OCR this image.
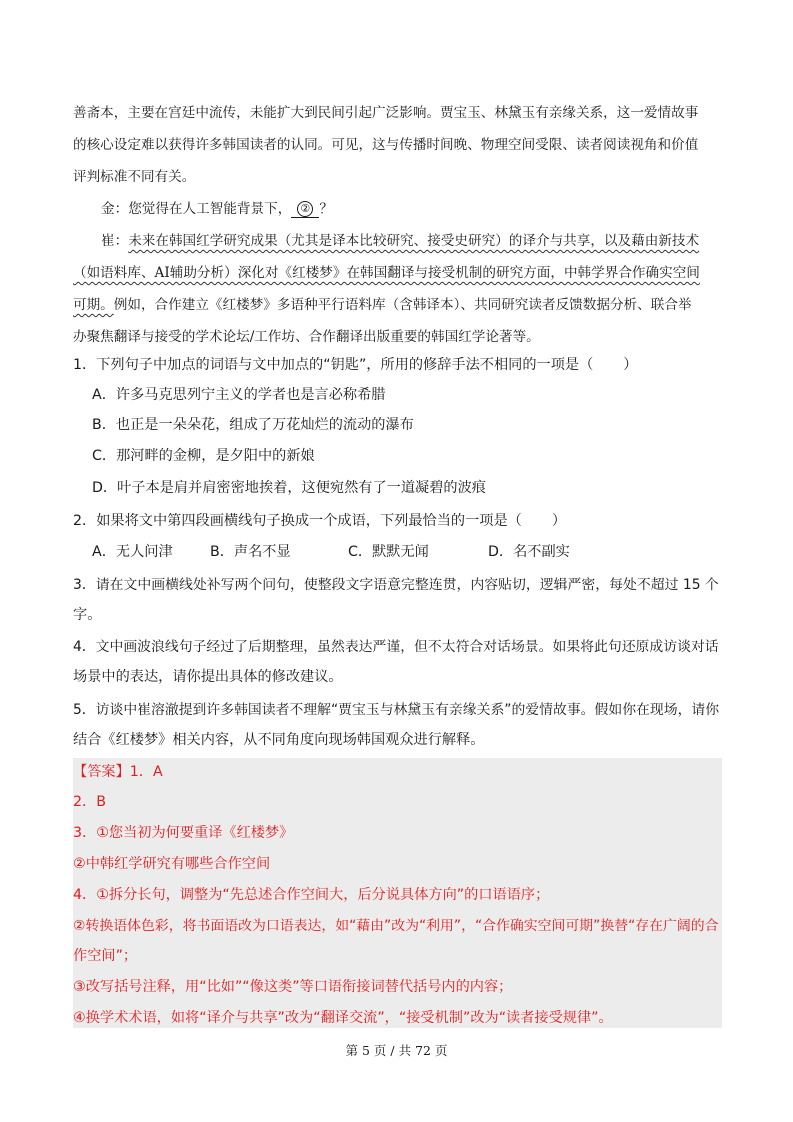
善斋本，主要在宫廷中流传，未能扩大到民间引起广泛影响。贾宝玉、林黛玉有亲缘关系，这一爱情故事
的核心设定难以获得许多韩国读者的认同。可见，这与传播时间晚、物理空间受限、读者阅读视角和价值
评判标准不同有关。
金：您觉得在人工智能背景下， ② ？
崔：未来在韩国红学研究成果（尤其是译本比较研究、接受史研究）的译介与共享，以及藉由新技术
（如语料库、AI辅助分析）深化对《红楼梦》在韩国翻译与接受机制的研究方面，中韩学界合作确实空间
可期。例如，合作建立《红楼梦》多语种平行语料库（含韩译本）、共同研究读者反馈数据分析、联合举
办聚焦翻译与接受的学术论坛/工作坊、合作翻译出版重要的韩国红学论著等。
1．下列句子中加点的词语与文中加点的“钥匙”，所用的修辞手法不相同的一项是（ ）
A．许多马克思列宁主义的学者也是言必称希腊
B．也正是一朵朵花，组成了万花灿烂的流动的瀑布
C．那河畔的金柳，是夕阳中的新娘
D．叶子本是肩并肩密密地挨着，这便宛然有了一道凝碧的波痕
2．如果将文中第四段画横线句子换成一个成语，下列最恰当的一项是（ ）
A．无人问津	B．声名不显	C．默默无闻	D．名不副实
3．请在文中画横线处补写两个问句，使整段文字语意完整连贯，内容贴切，逻辑严密，每处不超过 15 个
字。
4．文中画波浪线句子经过了后期整理，虽然表达严谨，但不太符合对话场景。如果将此句还原成访谈对话
场景中的表达，请你提出具体的修改建议。
5．访谈中崔溶澈提到许多韩国读者不理解“贾宝玉与林黛玉有亲缘关系”的爱情故事。假如你在现场，请你
结合《红楼梦》相关内容，从不同角度向现场韩国观众进行解释。
【答案】1．A
2．B
3．①您当初为何要重译《红楼梦》
②中韩红学研究有哪些合作空间
4．①拆分长句，调整为“先总述合作空间大，后分说具体方向”的口语语序；
②转换语体色彩，将书面语改为口语表达，如“藉由”改为“利用”，“合作确实空间可期”换替“存在广阔的合
作空间”；
③改写括号注释，用“比如”“像这类”等口语衔接词替代括号内的内容；
④换学术术语，如将“译介与共享”改为“翻译交流”，“接受机制”改为“读者接受规律”。
第 5 页 / 共 72 页
